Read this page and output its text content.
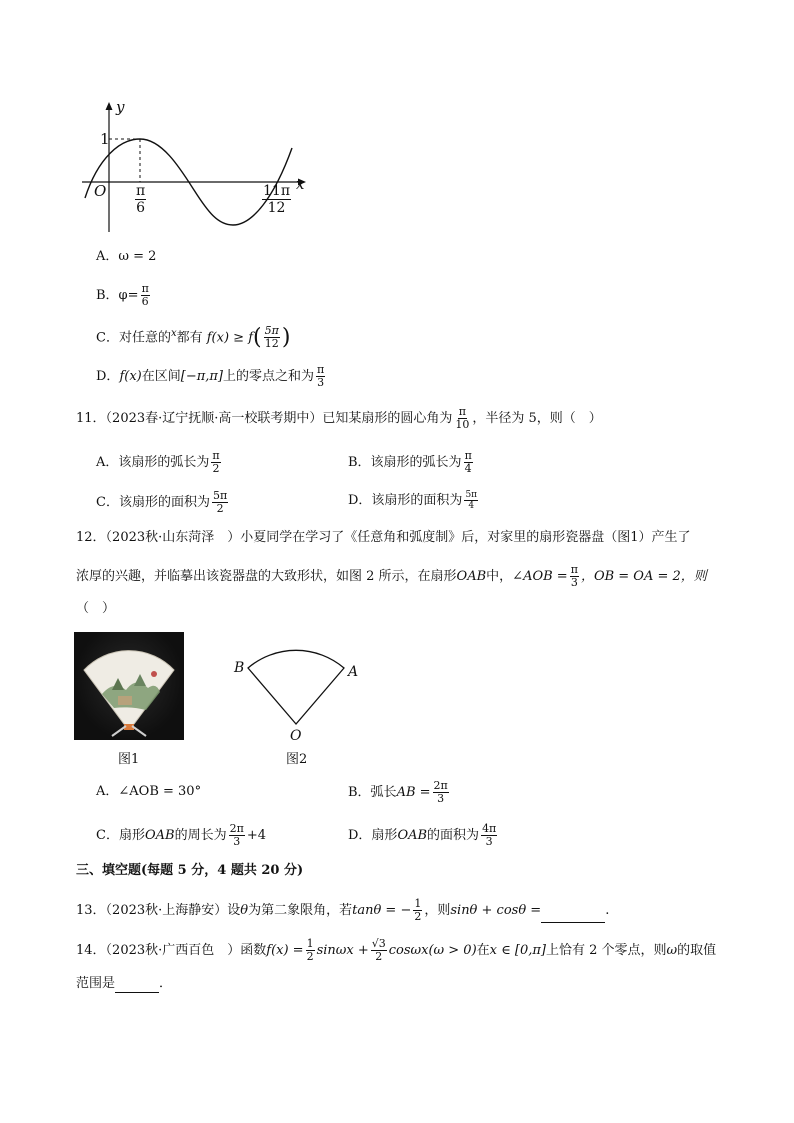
y
x
O
1
$\frac{\pi}{6}$	$\frac{11\pi}{12}$
A．ω = 2
B．$\varphi= \frac{\pi}{6}$
C．对任意的$^x$都有 $f(x) \ge f( \frac{5\pi}{12}$ )
D．f(x)在区间[−π,π]上的零点之和为 $\frac{\pi}{3}$
11．（2023春·辽宁抚顺·高一校联考期中）已知某扇形的圆心角为 $\frac{\pi}{10}$ ，半径为 5，则（　）
A．该扇形的弧长为 $\frac{\pi}{2}$	B．该扇形的弧长为 $\frac{\pi}{4}$
C．该扇形的面积为 $\frac{5\pi}{2}$	D．该扇形的面积为 $\frac{5\pi}{4}$
12．（2023秋·山东菏泽　）小夏同学在学习了《任意角和弧度制》后，对家里的扇形瓷器盘（图1）产生了
浓厚的兴趣，并临摹出该瓷器盘的大致形状，如图 2 所示，在扇形OAB中，∠AOB = $\frac{\pi}{3}$ ，OB = OA = 2，则
（　）
图1
B	A
O
图2
A．∠AOB = 30°	B．弧长AB = $\frac{2\pi}{3}$
C．扇形OAB的周长为 $\frac{2\pi}{3} +4$	D．扇形OAB的面积为 $\frac{4\pi}{3}$
三、填空题(每题 5 分，4 题共 20 分)
13．（2023秋·上海静安）设θ为第二象限角，若tanθ = − $\frac{1}{2}$ ，则sinθ + cosθ =	.
14．（2023秋·广西百色　）函数$f(x) = \frac{1}{2}$ $\sin\omega x + \frac{√3}{2} \cos\omega x(\omega > 0)$在x ∈ [0,π]上恰有 2 个零点，则ω的取值
范围是	．
